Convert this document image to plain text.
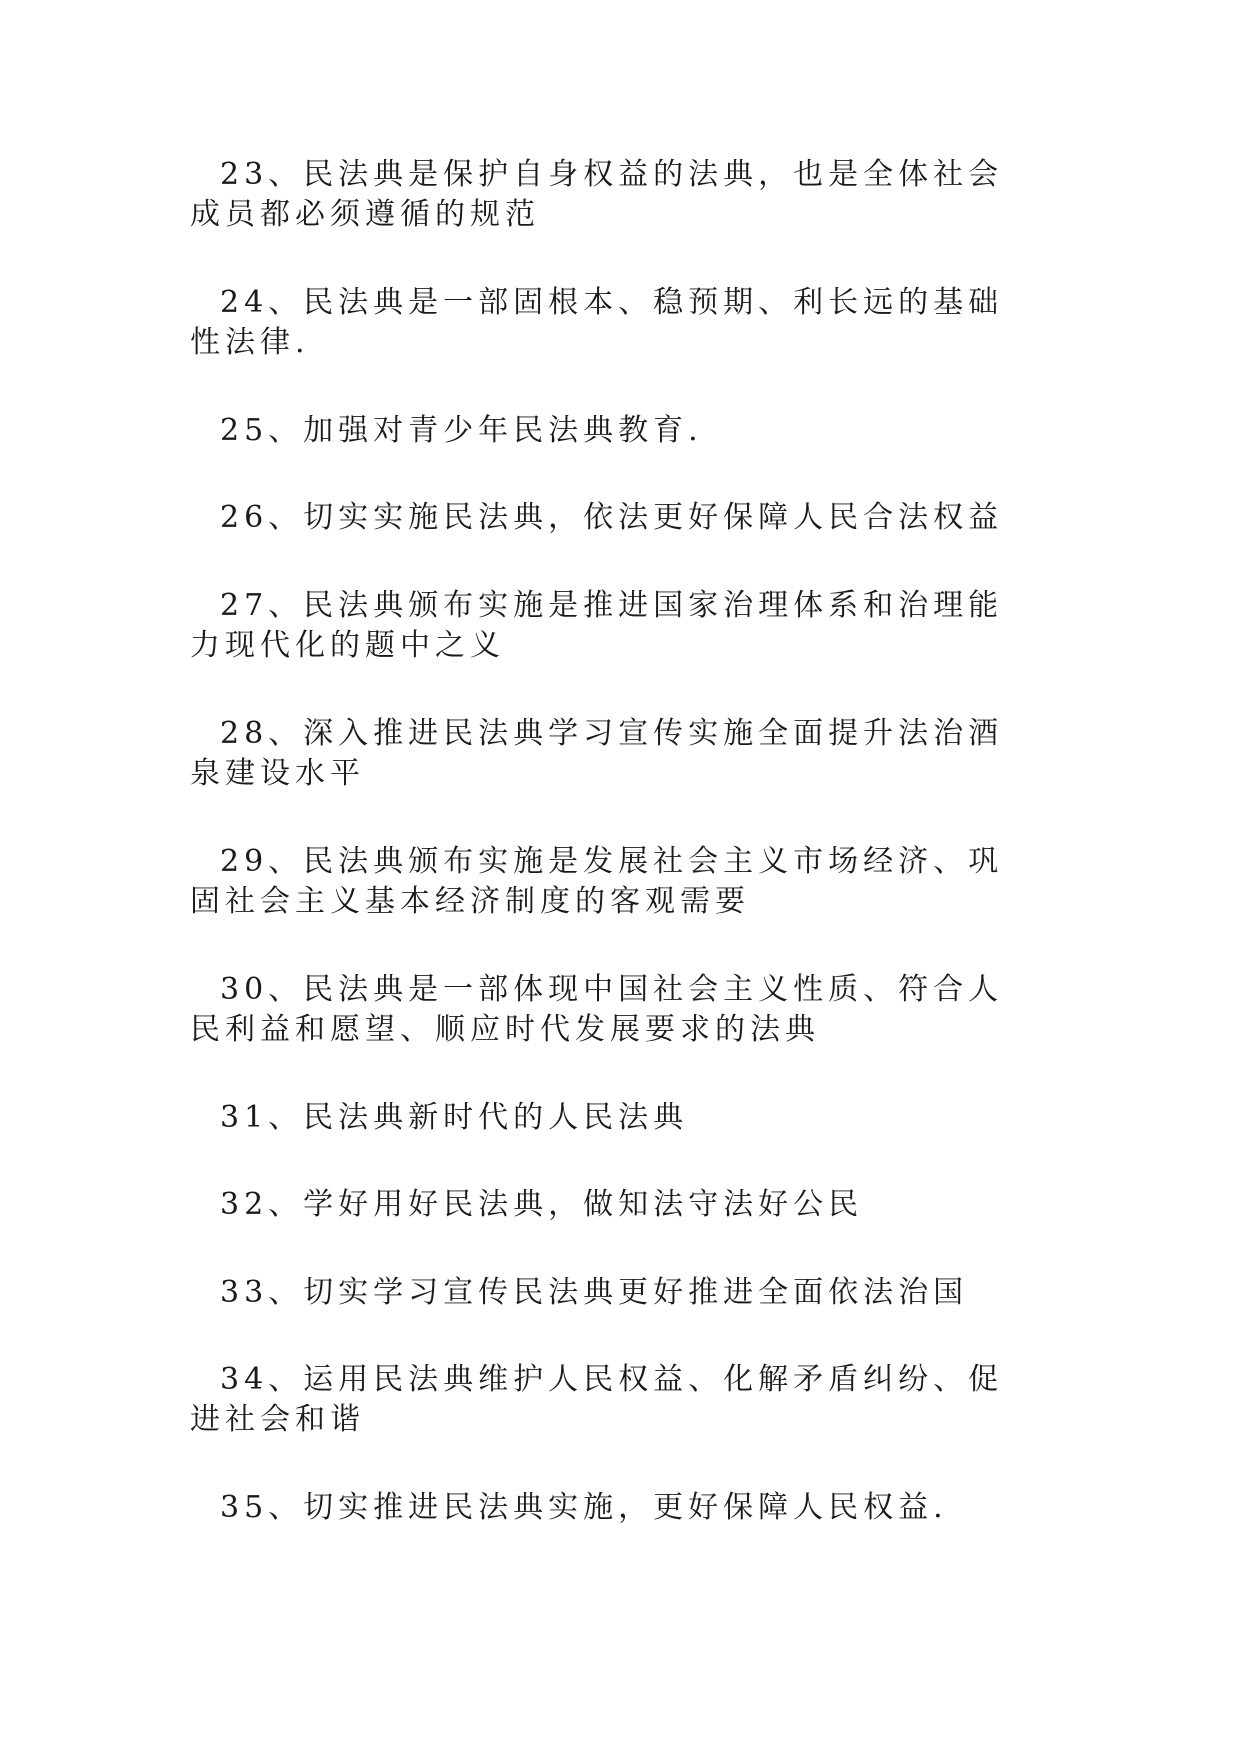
23、民法典是保护自身权益的法典，也是全体社会成员都必须遵循的规范

24、民法典是一部固根本、稳预期、利长远的基础性法律.

25、加强对青少年民法典教育.

26、切实实施民法典，依法更好保障人民合法权益

27、民法典颁布实施是推进国家治理体系和治理能力现代化的题中之义

28、深入推进民法典学习宣传实施全面提升法治酒泉建设水平

29、民法典颁布实施是发展社会主义市场经济、巩固社会主义基本经济制度的客观需要

30、民法典是一部体现中国社会主义性质、符合人民利益和愿望、顺应时代发展要求的法典

31、民法典新时代的人民法典

32、学好用好民法典，做知法守法好公民

33、切实学习宣传民法典更好推进全面依法治国

34、运用民法典维护人民权益、化解矛盾纠纷、促进社会和谐

35、切实推进民法典实施，更好保障人民权益.
